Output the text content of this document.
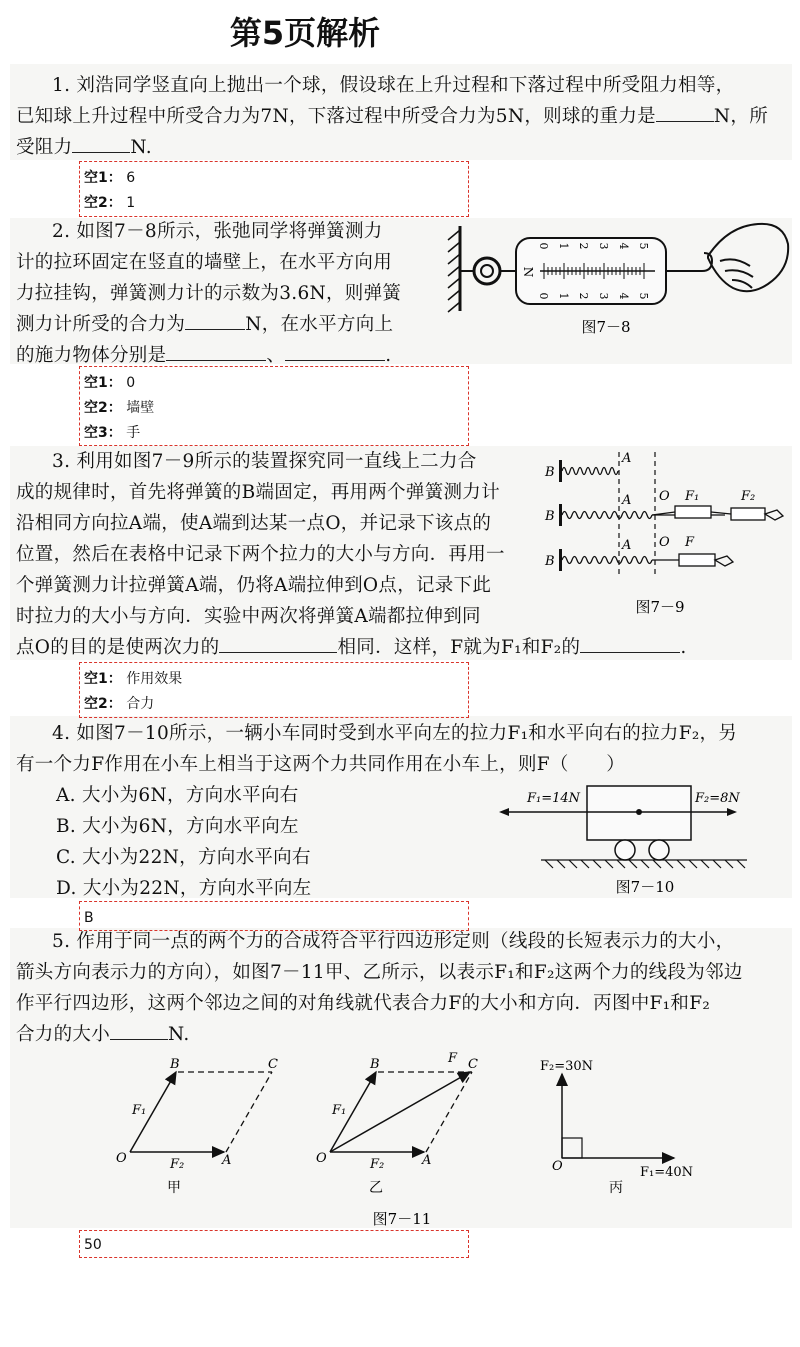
第5页解析

1. 刘浩同学竖直向上抛出一个球，假设球在上升过程和下落过程中所受阻力相等，

已知球上升过程中所受合力为7N，下落过程中所受合力为5N，则球的重力是	N，所

受阻力	N.

空1： 6
空2： 1

2. 如图7－8所示，张弛同学将弹簧测力

计的拉环固定在竖直的墙壁上，在水平方向用

力拉挂钩，弹簧测力计的示数为3.6N，则弹簧

测力计所受的合力为	N，在水平方向上

的施力物体分别是	、	.

N
0 1 2 3 4 5
0 1 2 3 4 5
图7－8
空1： 0
空2： 墙壁
空3： 手

3. 利用如图7－9所示的装置探究同一直线上二力合

成的规律时，首先将弹簧的B端固定，再用两个弹簧测力计

沿相同方向拉A端，使A端到达某一点O，并记录下该点的

位置，然后在表格中记录下两个拉力的大小与方向．再用一

个弹簧测力计拉弹簧A端，仍将A端拉伸到O点，记录下此

时拉力的大小与方向．实验中两次将弹簧A端都拉伸到同

点O的目的是使两次力的	相同．这样，F就为F₁和F₂的	.

B
A
B
A O F₁	F₂
B
A O F
图7－9
空1： 作用效果
空2： 合力

4. 如图7－10所示，一辆小车同时受到水平向左的拉力F₁和水平向右的拉力F₂，另

有一个力F作用在小车上相当于这两个力共同作用在小车上，则F（　　）

A. 大小为6N，方向水平向右

B. 大小为6N，方向水平向左

C. 大小为22N，方向水平向右

D. 大小为22N，方向水平向左

F₁=14N	F₂=8N
图7－10
B

5. 作用于同一点的两个力的合成符合平行四边形定则（线段的长短表示力的大小，

箭头方向表示力的方向），如图7－11甲、乙所示，以表示F₁和F₂这两个力的线段为邻边

作平行四边形，这两个邻边之间的对角线就代表合力F的大小和方向．丙图中F₁和F₂

合力的大小	N.

O	A
B	C
F₁
F₂
甲
O	A
B	C
F
F₁
F₂
乙
O
F₂=30N
F₁=40N
丙
图7－11
50
